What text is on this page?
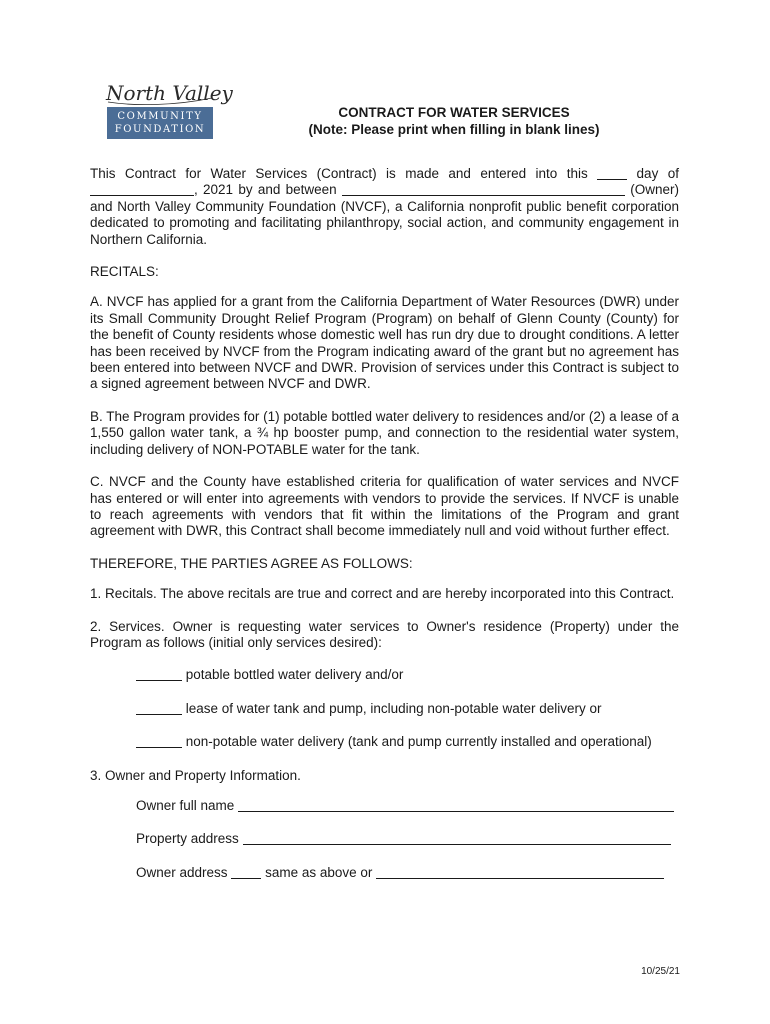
North Valley
COMMUNITY
FOUNDATION
CONTRACT FOR WATER SERVICES
(Note: Please print when filling in blank lines)

This Contract for Water Services (Contract) is made and entered into this	day of , 2021 by and between	(Owner) and North Valley Community Foundation (NVCF), a California nonprofit public benefit corporation dedicated to promoting and facilitating philanthropy, social action, and community engagement in Northern California.

RECITALS:

A. NVCF has applied for a grant from the California Department of Water Resources (DWR) under its Small Community Drought Relief Program (Program) on behalf of Glenn County (County) for the benefit of County residents whose domestic well has run dry due to drought conditions. A letter has been received by NVCF from the Program indicating award of the grant but no agreement has been entered into between NVCF and DWR. Provision of services under this Contract is subject to a signed agreement between NVCF and DWR.

B. The Program provides for (1) potable bottled water delivery to residences and/or (2) a lease of a 1,550 gallon water tank, a ¾ hp booster pump, and connection to the residential water system, including delivery of NON-POTABLE water for the tank.

C. NVCF and the County have established criteria for qualification of water services and NVCF has entered or will enter into agreements with vendors to provide the services. If NVCF is unable to reach agreements with vendors that fit within the limitations of the Program and grant agreement with DWR, this Contract shall become immediately null and void without further effect.

THEREFORE, THE PARTIES AGREE AS FOLLOWS:

1. Recitals. The above recitals are true and correct and are hereby incorporated into this Contract.

2. Services. Owner is requesting water services to Owner's residence (Property) under the Program as follows (initial only services desired):

potable bottled water delivery and/or
lease of water tank and pump, including non-potable water delivery or
non-potable water delivery (tank and pump currently installed and operational)

3. Owner and Property Information.

Owner full name
Property address
Owner address	same as above or
10/25/21
